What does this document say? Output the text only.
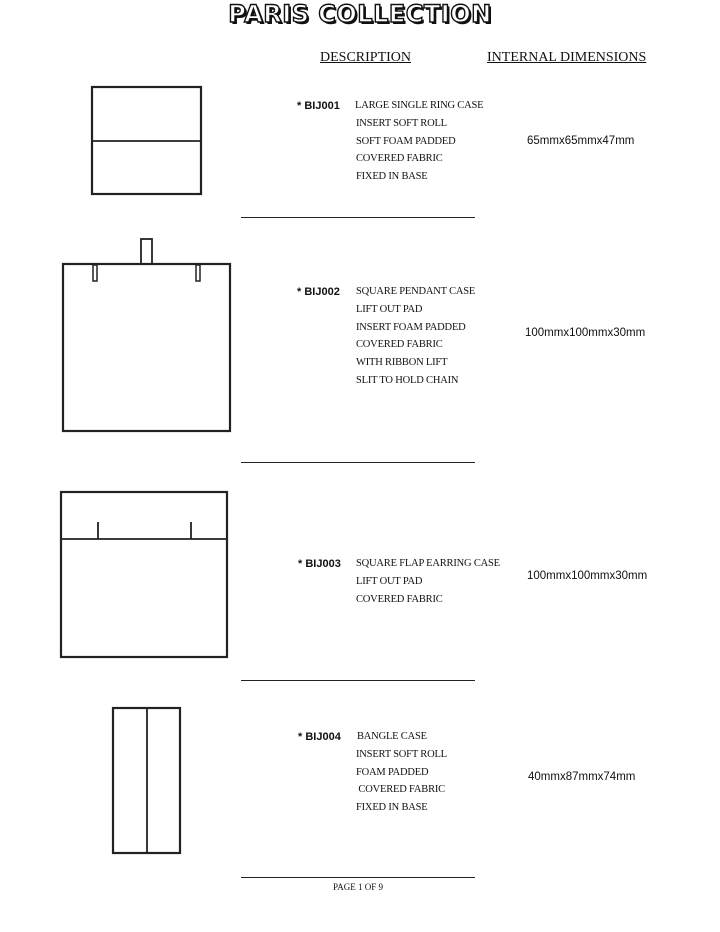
PARIS COLLECTION
DESCRIPTION	INTERNAL DIMENSIONS
* BIJ001 LARGE SINGLE RING CASE
INSERT SOFT ROLL
SOFT FOAM PADDED
COVERED FABRIC
FIXED IN BASE
65mmx65mmx47mm
* BIJ002 SQUARE PENDANT CASE
LIFT OUT PAD
INSERT FOAM PADDED
COVERED FABRIC
WITH RIBBON LIFT
SLIT TO HOLD CHAIN
100mmx100mmx30mm
* BIJ003 SQUARE FLAP EARRING CASE
LIFT OUT PAD
COVERED FABRIC
100mmx100mmx30mm
* BIJ004 BANGLE CASE
INSERT SOFT ROLL
FOAM PADDED
COVERED FABRIC
FIXED IN BASE
40mmx87mmx74mm
PAGE 1 OF 9
